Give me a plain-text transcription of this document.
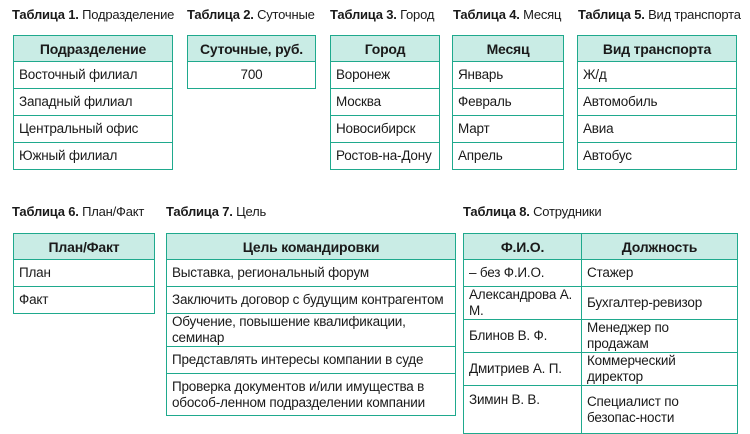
Таблица 1. Подразделение Таблица 2. Суточные Таблица 3. Город Таблица 4. Месяц Таблица 5. Вид транспорта
Подразделение
Восточный филиал
Западный филиал
Центральный офис
Южный филиал
Суточные, руб.
700
Город
Воронеж
Москва
Новосибирск
Ростов-на-Дону
Месяц
Январь
Февраль
Март
Апрель
Вид транспорта
Ж/д
Автомобиль
Авиа
Автобус
Таблица 6. План/Факт Таблица 7. Цель	Таблица 8. Сотрудники
План/Факт
План
Факт
Цель командировки
Выставка, региональный форум
Заключить договор с будущим контрагентом
Обучение, повышение квалификации, семинар
Представлять интересы компании в суде
Проверка документов и/или имущества в обособ-ленном подразделении компании
Ф.И.О.	Должность
– без Ф.И.О.	Стажер
Александрова А. М.	Бухгалтер-ревизор
Блинов В. Ф.	Менеджер по продажам
Дмитриев А. П.	Коммерческий директор
Зимин В. В.	Специалист по безопас-ности
